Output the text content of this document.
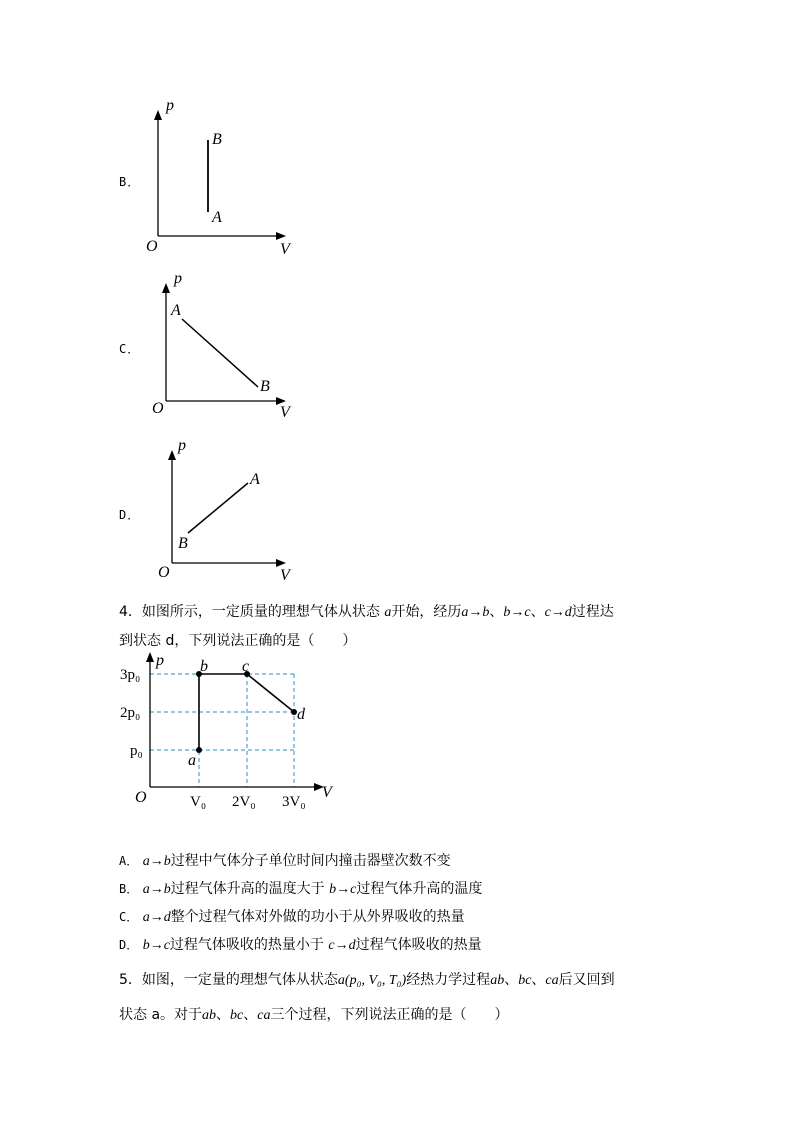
B．
p
V
O
B
A
C．
p
V
O
A
B
D．
p
V
O
A
B
4．如图所示，一定质量的理想气体从状态 a开始，经历a→b、b→c、c→d过程达
到状态 d，下列说法正确的是（　　）
p
V
O
3p₀
2p₀
p₀
V₀ 2V₀ 3V₀
a
b c
d
A． a→b过程中气体分子单位时间内撞击器壁次数不变
B． a→b过程气体升高的温度大于 b→c过程气体升高的温度
C． a→d整个过程气体对外做的功小于从外界吸收的热量
D． b→c过程气体吸收的热量小于 c→d过程气体吸收的热量
5．如图，一定量的理想气体从状态a(p₀, V₀, T₀)经热力学过程ab、bc、ca后又回到
状态 a。对于ab、bc、ca三个过程，下列说法正确的是（　　）
